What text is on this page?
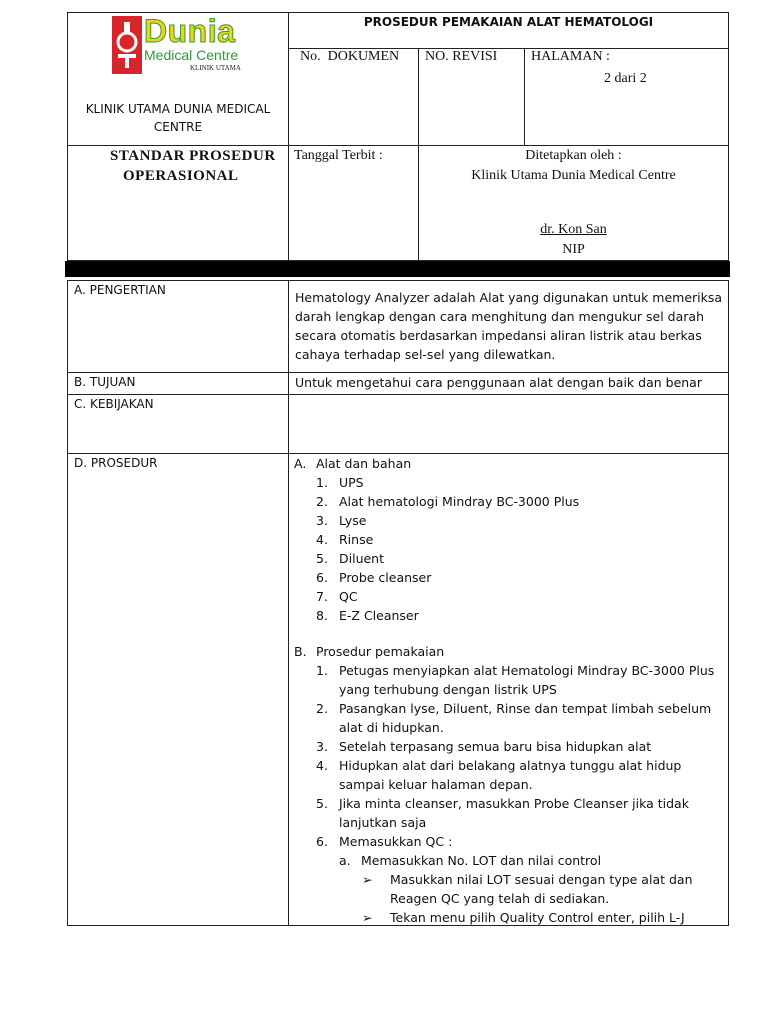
Dunia
Medical Centre
KLINIK UTAMA
KLINIK UTAMA DUNIA MEDICAL CENTRE
PROSEDUR PEMAKAIAN ALAT HEMATOLOGI
No.  DOKUMEN NO. REVISI HALAMAN :
2 dari 2
STANDAR PROSEDUR
OPERASIONAL
Tanggal Terbit :	Ditetapkan oleh :
Klinik Utama Dunia Medical Centre
dr. Kon San
NIP
A. PENGERTIAN	Hematology Analyzer adalah Alat yang digunakan untuk memeriksa darah lengkap dengan cara menghitung dan mengukur sel darah secara otomatis berdasarkan impedansi aliran listrik atau berkas cahaya terhadap sel-sel yang dilewatkan.
B. TUJUAN	Untuk mengetahui cara penggunaan alat dengan baik dan benar
C. KEBIJAKAN
D. PROSEDUR	A. Alat dan bahan
1. UPS
2. Alat hematologi Mindray BC-3000 Plus
3. Lyse
4. Rinse
5. Diluent
6. Probe cleanser
7. QC
8. E-Z Cleanser
B. Prosedur pemakaian
1. Petugas menyiapkan alat Hematologi Mindray BC-3000 Plus yang terhubung dengan listrik UPS
2. Pasangkan lyse, Diluent, Rinse dan tempat limbah sebelum alat di hidupkan.
3. Setelah terpasang semua baru bisa hidupkan alat
4. Hidupkan alat dari belakang alatnya tunggu alat hidup sampai keluar halaman depan.
5. Jika minta cleanser, masukkan Probe Cleanser jika tidak lanjutkan saja
6. Memasukkan QC :
a. Memasukkan No. LOT dan nilai control
➢ Masukkan nilai LOT sesuai dengan type alat dan Reagen QC yang telah di sediakan.
➢ Tekan menu pilih Quality Control enter, pilih L-J
